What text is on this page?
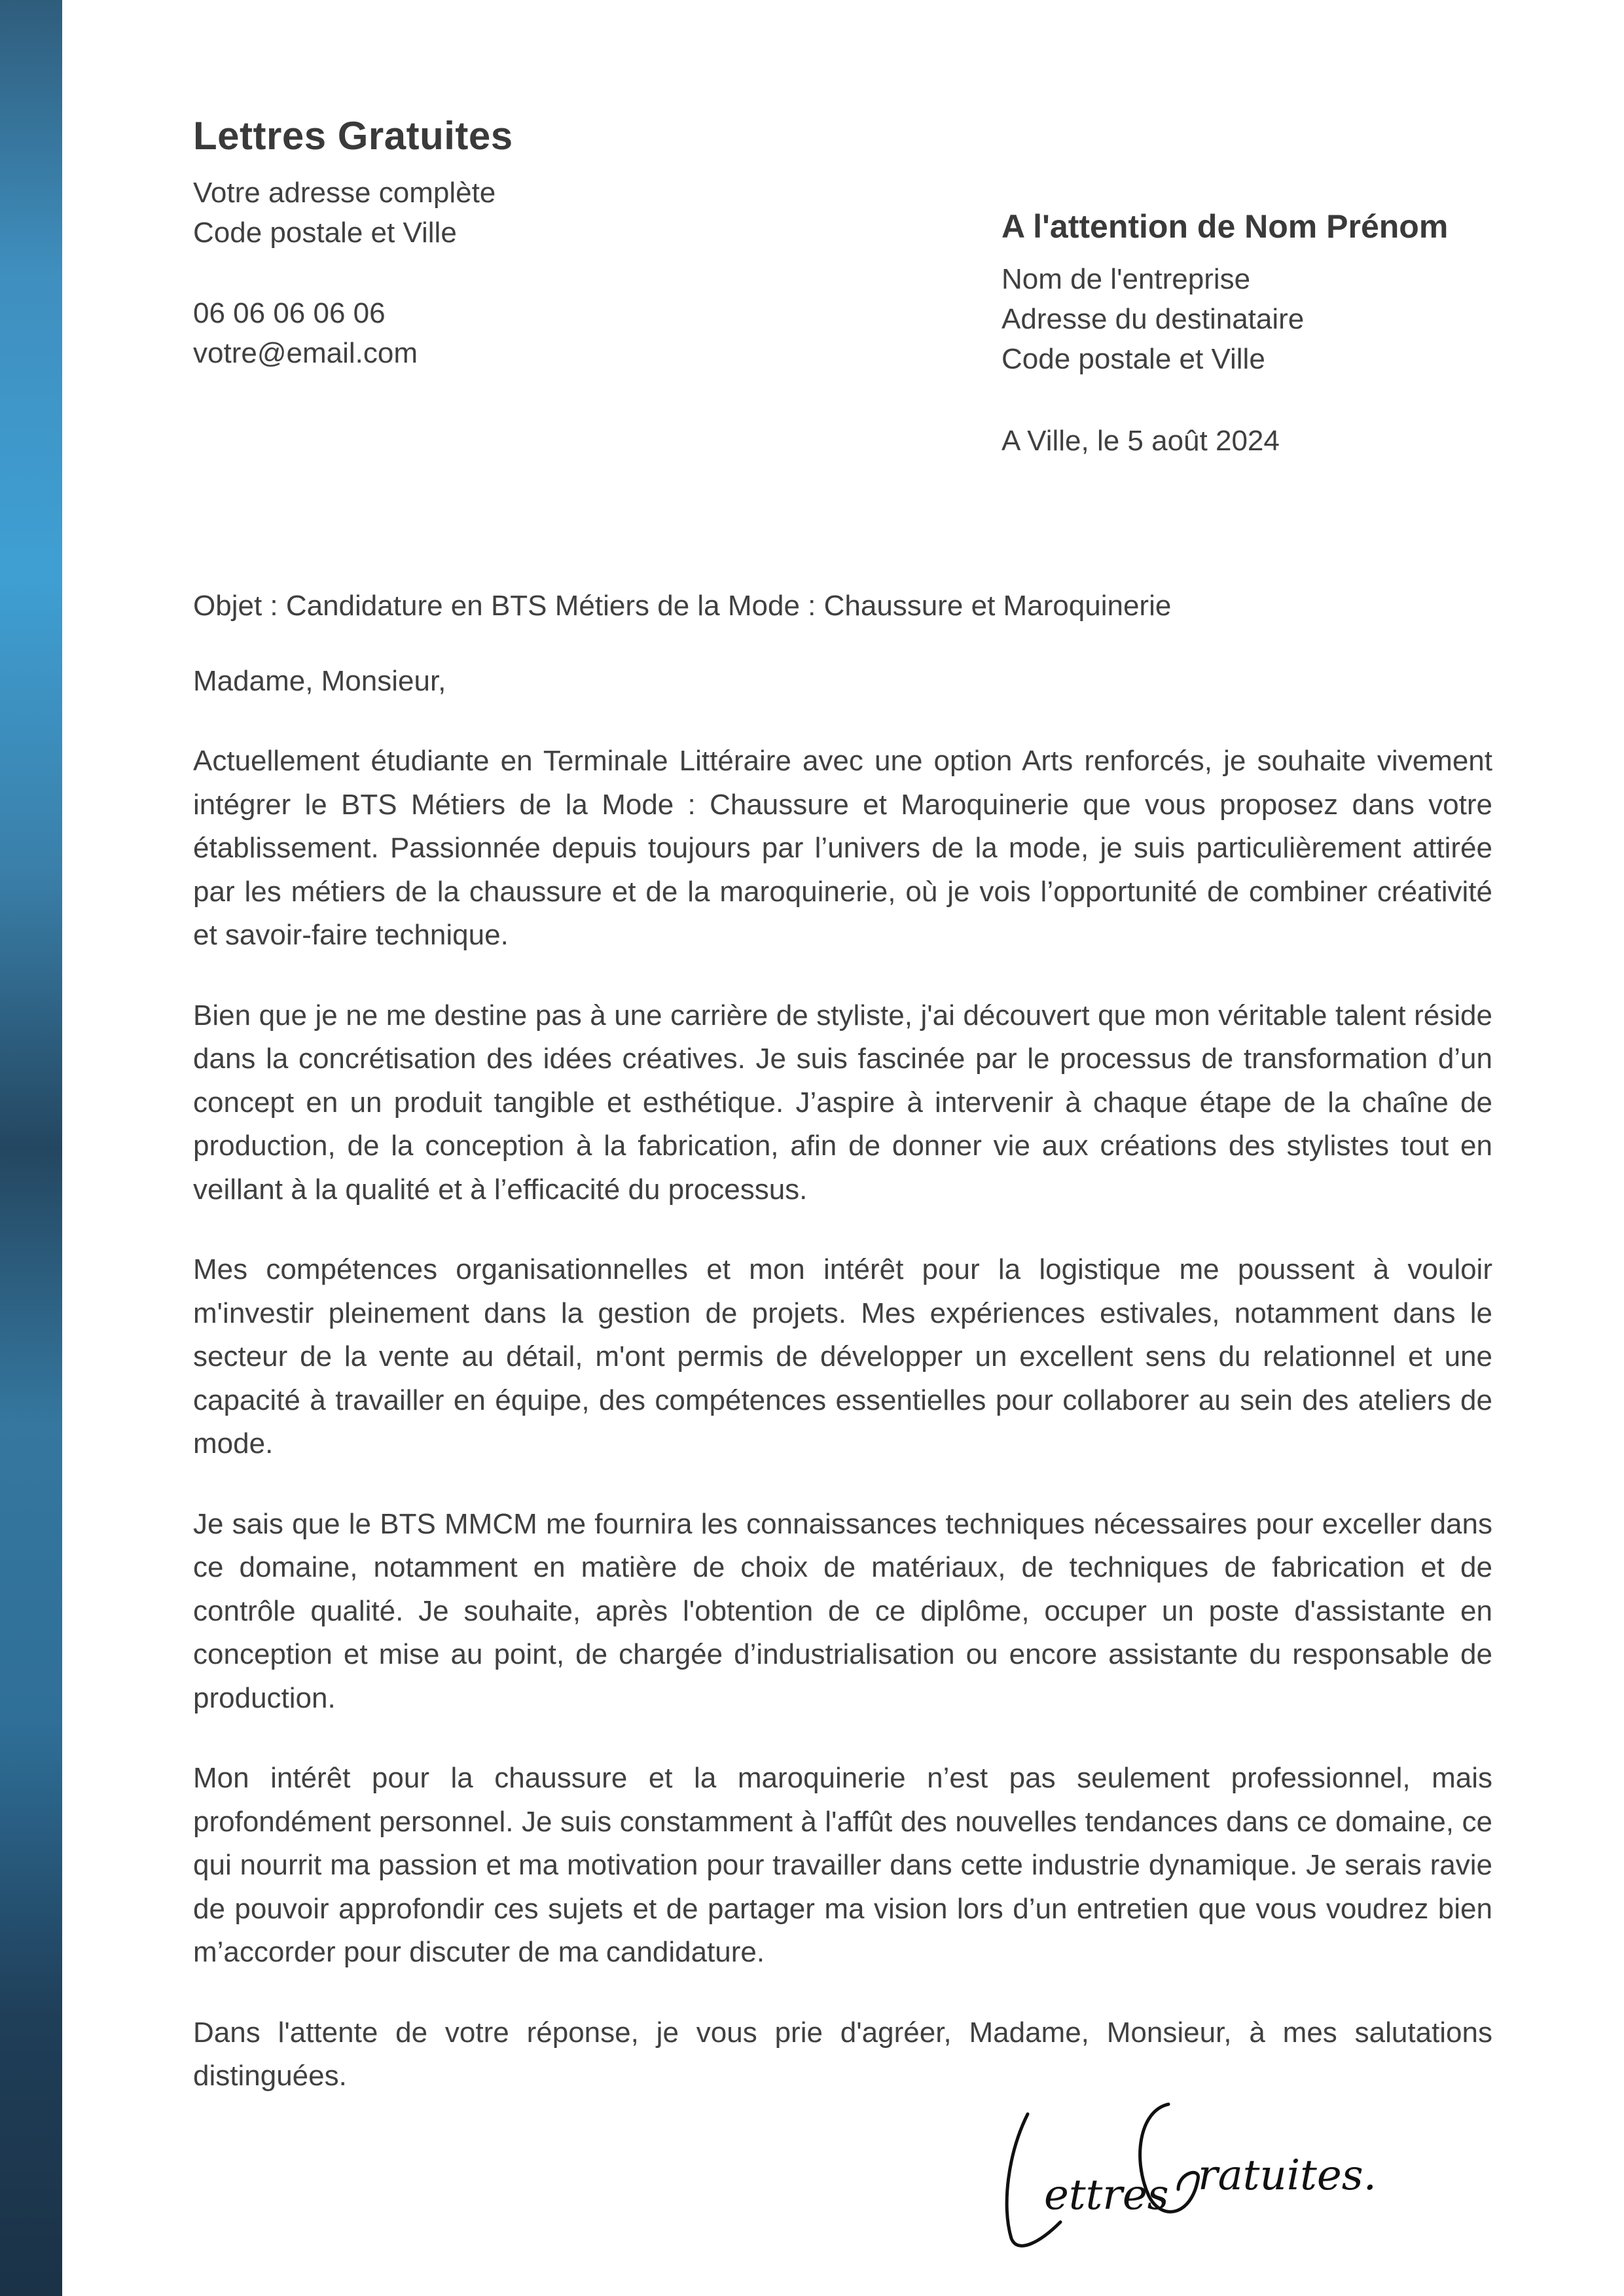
Lettres Gratuites
Votre adresse complète
Code postale et Ville
06 06 06 06 06
votre@email.com
A l'attention de Nom Prénom
Nom de l'entreprise
Adresse du destinataire
Code postale et Ville
A Ville, le 5 août 2024

Objet : Candidature en BTS Métiers de la Mode : Chaussure et Maroquinerie

Madame, Monsieur,

Actuellement étudiante en Terminale Littéraire avec une option Arts renforcés, je souhaite vivement intégrer le BTS Métiers de la Mode : Chaussure et Maroquinerie que vous proposez dans votre établissement. Passionnée depuis toujours par l’univers de la mode, je suis particulièrement attirée par les métiers de la chaussure et de la maroquinerie, où je vois l’opportunité de combiner créativité et savoir-faire technique.

Bien que je ne me destine pas à une carrière de styliste, j'ai découvert que mon véritable talent réside dans la concrétisation des idées créatives. Je suis fascinée par le processus de transformation d’un concept en un produit tangible et esthétique. J’aspire à intervenir à chaque étape de la chaîne de production, de la conception à la fabrication, afin de donner vie aux créations des stylistes tout en veillant à la qualité et à l’efficacité du processus.

Mes compétences organisationnelles et mon intérêt pour la logistique me poussent à vouloir m'investir pleinement dans la gestion de projets. Mes expériences estivales, notamment dans le secteur de la vente au détail, m'ont permis de développer un excellent sens du relationnel et une capacité à travailler en équipe, des compétences essentielles pour collaborer au sein des ateliers de mode.

Je sais que le BTS MMCM me fournira les connaissances techniques nécessaires pour exceller dans ce domaine, notamment en matière de choix de matériaux, de techniques de fabrication et de contrôle qualité. Je souhaite, après l'obtention de ce diplôme, occuper un poste d'assistante en conception et mise au point, de chargée d’industrialisation ou encore assistante du responsable de production.

Mon intérêt pour la chaussure et la maroquinerie n’est pas seulement professionnel, mais profondément personnel. Je suis constamment à l'affût des nouvelles tendances dans ce domaine, ce qui nourrit ma passion et ma motivation pour travailler dans cette industrie dynamique. Je serais ravie de pouvoir approfondir ces sujets et de partager ma vision lors d’un entretien que vous voudrez bien m’accorder pour discuter de ma candidature.

Dans l'attente de votre réponse, je vous prie d'agréer, Madame, Monsieur, à mes salutations distinguées.

ettres ratuites.
